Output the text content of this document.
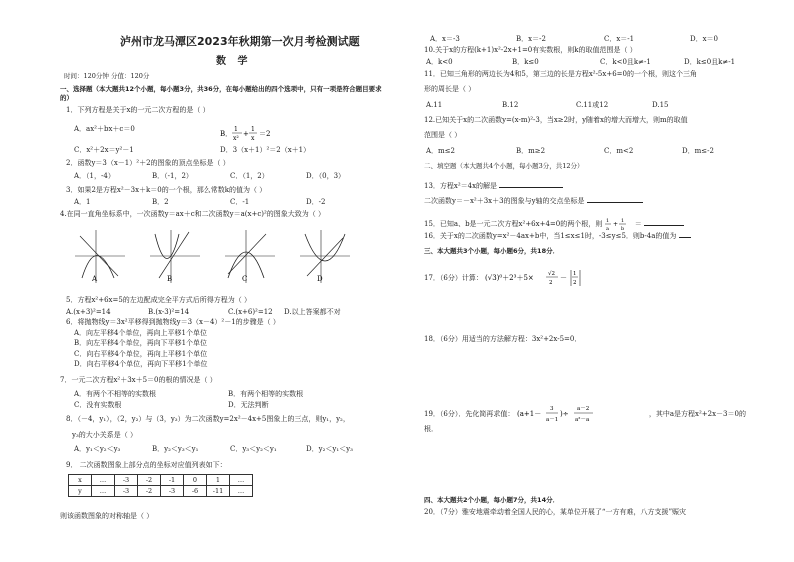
泸州市龙马潭区2023年秋期第一次月考检测试题
数 学
时间：120分钟 分值：120分
一、选择题（本大题共12个小题，每小题3分，共36分，在每小题给出的四个选项中，只有一项是符合题目要求的）
1．下列方程是关于x的一元二次方程的是（ ）
A．ax²＋bx＋c＝0
B．
1
x²
+
1
x
＝2
C．x²＋2x＝y²－1	D．3（x＋1）²＝2（x＋1）
2．函数y＝3（x－1）²＋2的图象的顶点坐标是（ ）
A．（1，-4）	B．（-1，2）	C．（1，2）	D．（0，3）
3．如果2是方程x²－3x＋k＝0的一个根，那么常数k的值为（ ）
A．1	B．2	C．-1	D．-2
4.在同一直角坐标系中，一次函数y＝ax＋c和二次函数y＝a(x+c)²的图象大致为（ ）
A	B	C	D
5．方程x²+6x=5的左边配成完全平方式后所得方程为（ ）
A.(x+3)²=14	B.(x-3)²=14	C.(x+6)²=12 D.以上答案都不对
6．将抛物线y＝3x²平移得到抛物线y＝3（x－4）²－1的步骤是（ ）
A．向左平移4个单位，再向上平移1个单位
B．向左平移4个单位，再向下平移1个单位
C．向右平移4个单位，再向上平移1个单位
D．向右平移4个单位，再向下平移1个单位
7．一元二次方程x²＋3x＋5＝0的根的情况是（ ）
A．有两个不相等的实数根	B．有两个相等的实数根
C．没有实数根	D．无法判断
8．（－4，y₁），（2，y₂）与（3，y₃）为二次函数y=2x²－4x+5图象上的三点，则y₁，y₂，
y₃的大小关系是（ ）
A．y₁＜y₂＜y₃	B．y₂＜y₃＜y₁	C．y₃＜y₂＜y₁	D．y₂＜y₁＜y₃
9． 二次函数图象上部分点的坐标对应值列表如下：
x	…	-3	-2	-1	0	1	…
y	…	-3	-2	-3	-6	-11	…
则该函数图象的对称轴是（ ）
A．x＝-3	B．x＝-2	C．x＝-1	D．x＝0
10.关于x的方程(k+1)x²-2x+1=0有实数根，则k的取值范围是（ ）
A．k<0	B．k≤0	C．k<0且k≠-1	D．k≤0且k≠-1
11．已知三角形的两边长为4和5，第三边的长是方程x²-5x+6=0的一个根，则这个三角
形的周长是（ ）
A.11	B.12	C.11或12	D.15
12.已知关于x的二次函数y=(x-m)²-3，当x≥2时，y随着x的增大而增大，则m的取值
范围是（ ）
A．m≤2	B．m≥2	C．m<2	D．m≤-2
二、填空题（本大题共4个小题，每小题3分，共12分）
13．方程x²＝4x的解是
二次函数y＝－x²＋3x＋3的图象与y轴的交点坐标是
15．已知a、b是一元二次方程x²+6x+4=0的两个根，则 1
a
+ 1
b
＝
16．关于x的二次函数y=x²－4ax+b中，当1≤x≤1时，-3≤y≤5．则b-4a的值为
三、本大题共3个小题，每小题6分，共18分．
17．（6分）计算： (√3)⁰＋2³＋5×	√2
2
－ 1
2
18．（6分）用适当的方法解方程：3x²+2x-5=0．
19．（6分）．先化简再求值： (a+1－
3
a－1
)÷
a－2
a²－a
，其中a是方程x²+2x－3＝0的
根．
四、本大题共2个小题，每小题7分，共14分．
20．（7分）雅安地震牵动着全国人民的心，某单位开展了“一方有难，八方支援”赈灾
